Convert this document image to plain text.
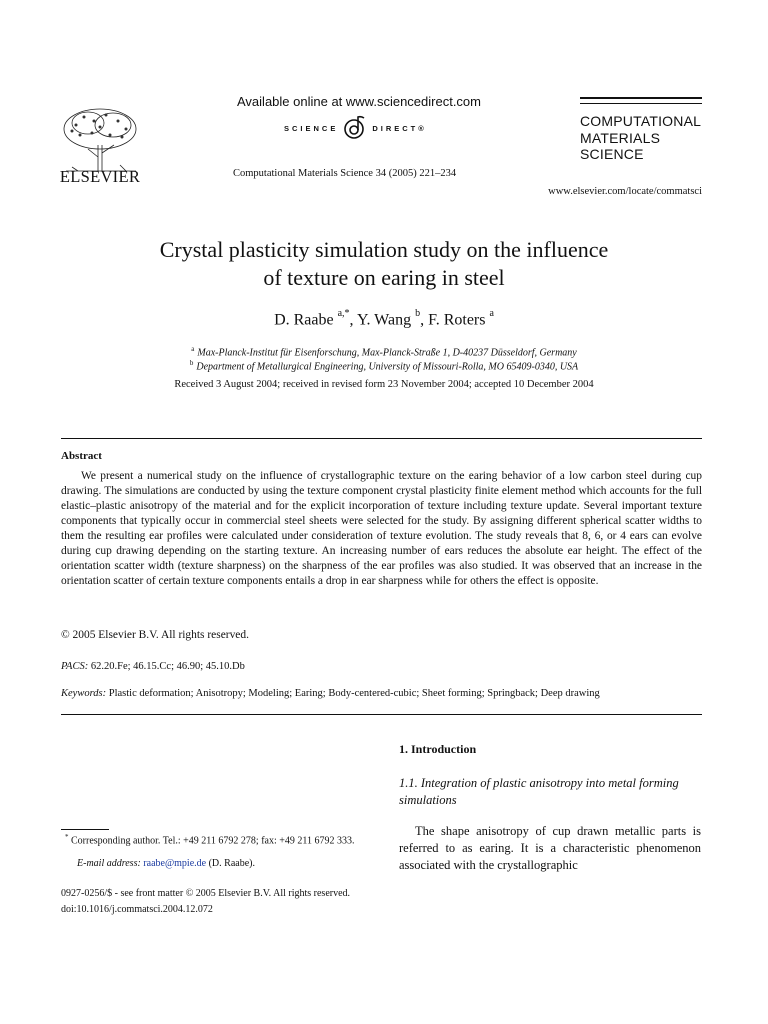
ELSEVIER
Available online at www.sciencedirect.com
SCIENCE	DIRECT®
Computational Materials Science 34 (2005) 221–234
COMPUTATIONAL
MATERIALS
SCIENCE
www.elsevier.com/locate/commatsci
Crystal plasticity simulation study on the influence
of texture on earing in steel
D. Raabe $^{a,*}$, Y. Wang $^b$, F. Roters $^a$
$^a$ Max-Planck-Institut für Eisenforschung, Max-Planck-Straße 1, D-40237 Düsseldorf, Germany
$^b$ Department of Metallurgical Engineering, University of Missouri-Rolla, MO 65409-0340, USA
Received 3 August 2004; received in revised form 23 November 2004; accepted 10 December 2004
Abstract
We present a numerical study on the influence of crystallographic texture on the earing behavior of a low carbon steel during cup drawing. The simulations are conducted by using the texture component crystal plasticity finite element method which accounts for the full elastic–plastic anisotropy of the material and for the explicit incorporation of texture including texture update. Several important texture components that typically occur in commercial steel sheets were selected for the study. By assigning different spherical scatter widths to them the resulting ear profiles were calculated under consideration of texture evolution. The study reveals that 8, 6, or 4 ears can evolve during cup drawing depending on the starting texture. An increasing number of ears reduces the absolute ear height. The effect of the orientation scatter width (texture sharpness) on the sharpness of the ear profiles was also studied. It was observed that an increase in the orientation scatter of certain texture components entails a drop in ear sharpness while for others the effect is opposite.
© 2005 Elsevier B.V. All rights reserved.
PACS: 62.20.Fe; 46.15.Cc; 46.90; 45.10.Db
Keywords: Plastic deformation; Anisotropy; Modeling; Earing; Body-centered-cubic; Sheet forming; Springback; Deep drawing
1. Introduction
1.1. Integration of plastic anisotropy into metal forming simulations
The shape anisotropy of cup drawn metallic parts is referred to as earing. It is a characteristic phenomenon associated with the crystallographic
* Corresponding author. Tel.: +49 211 6792 278; fax: +49 211 6792 333.
E-mail address: raabe@mpie.de (D. Raabe).
0927-0256/$ - see front matter © 2005 Elsevier B.V. All rights reserved.
doi:10.1016/j.commatsci.2004.12.072
